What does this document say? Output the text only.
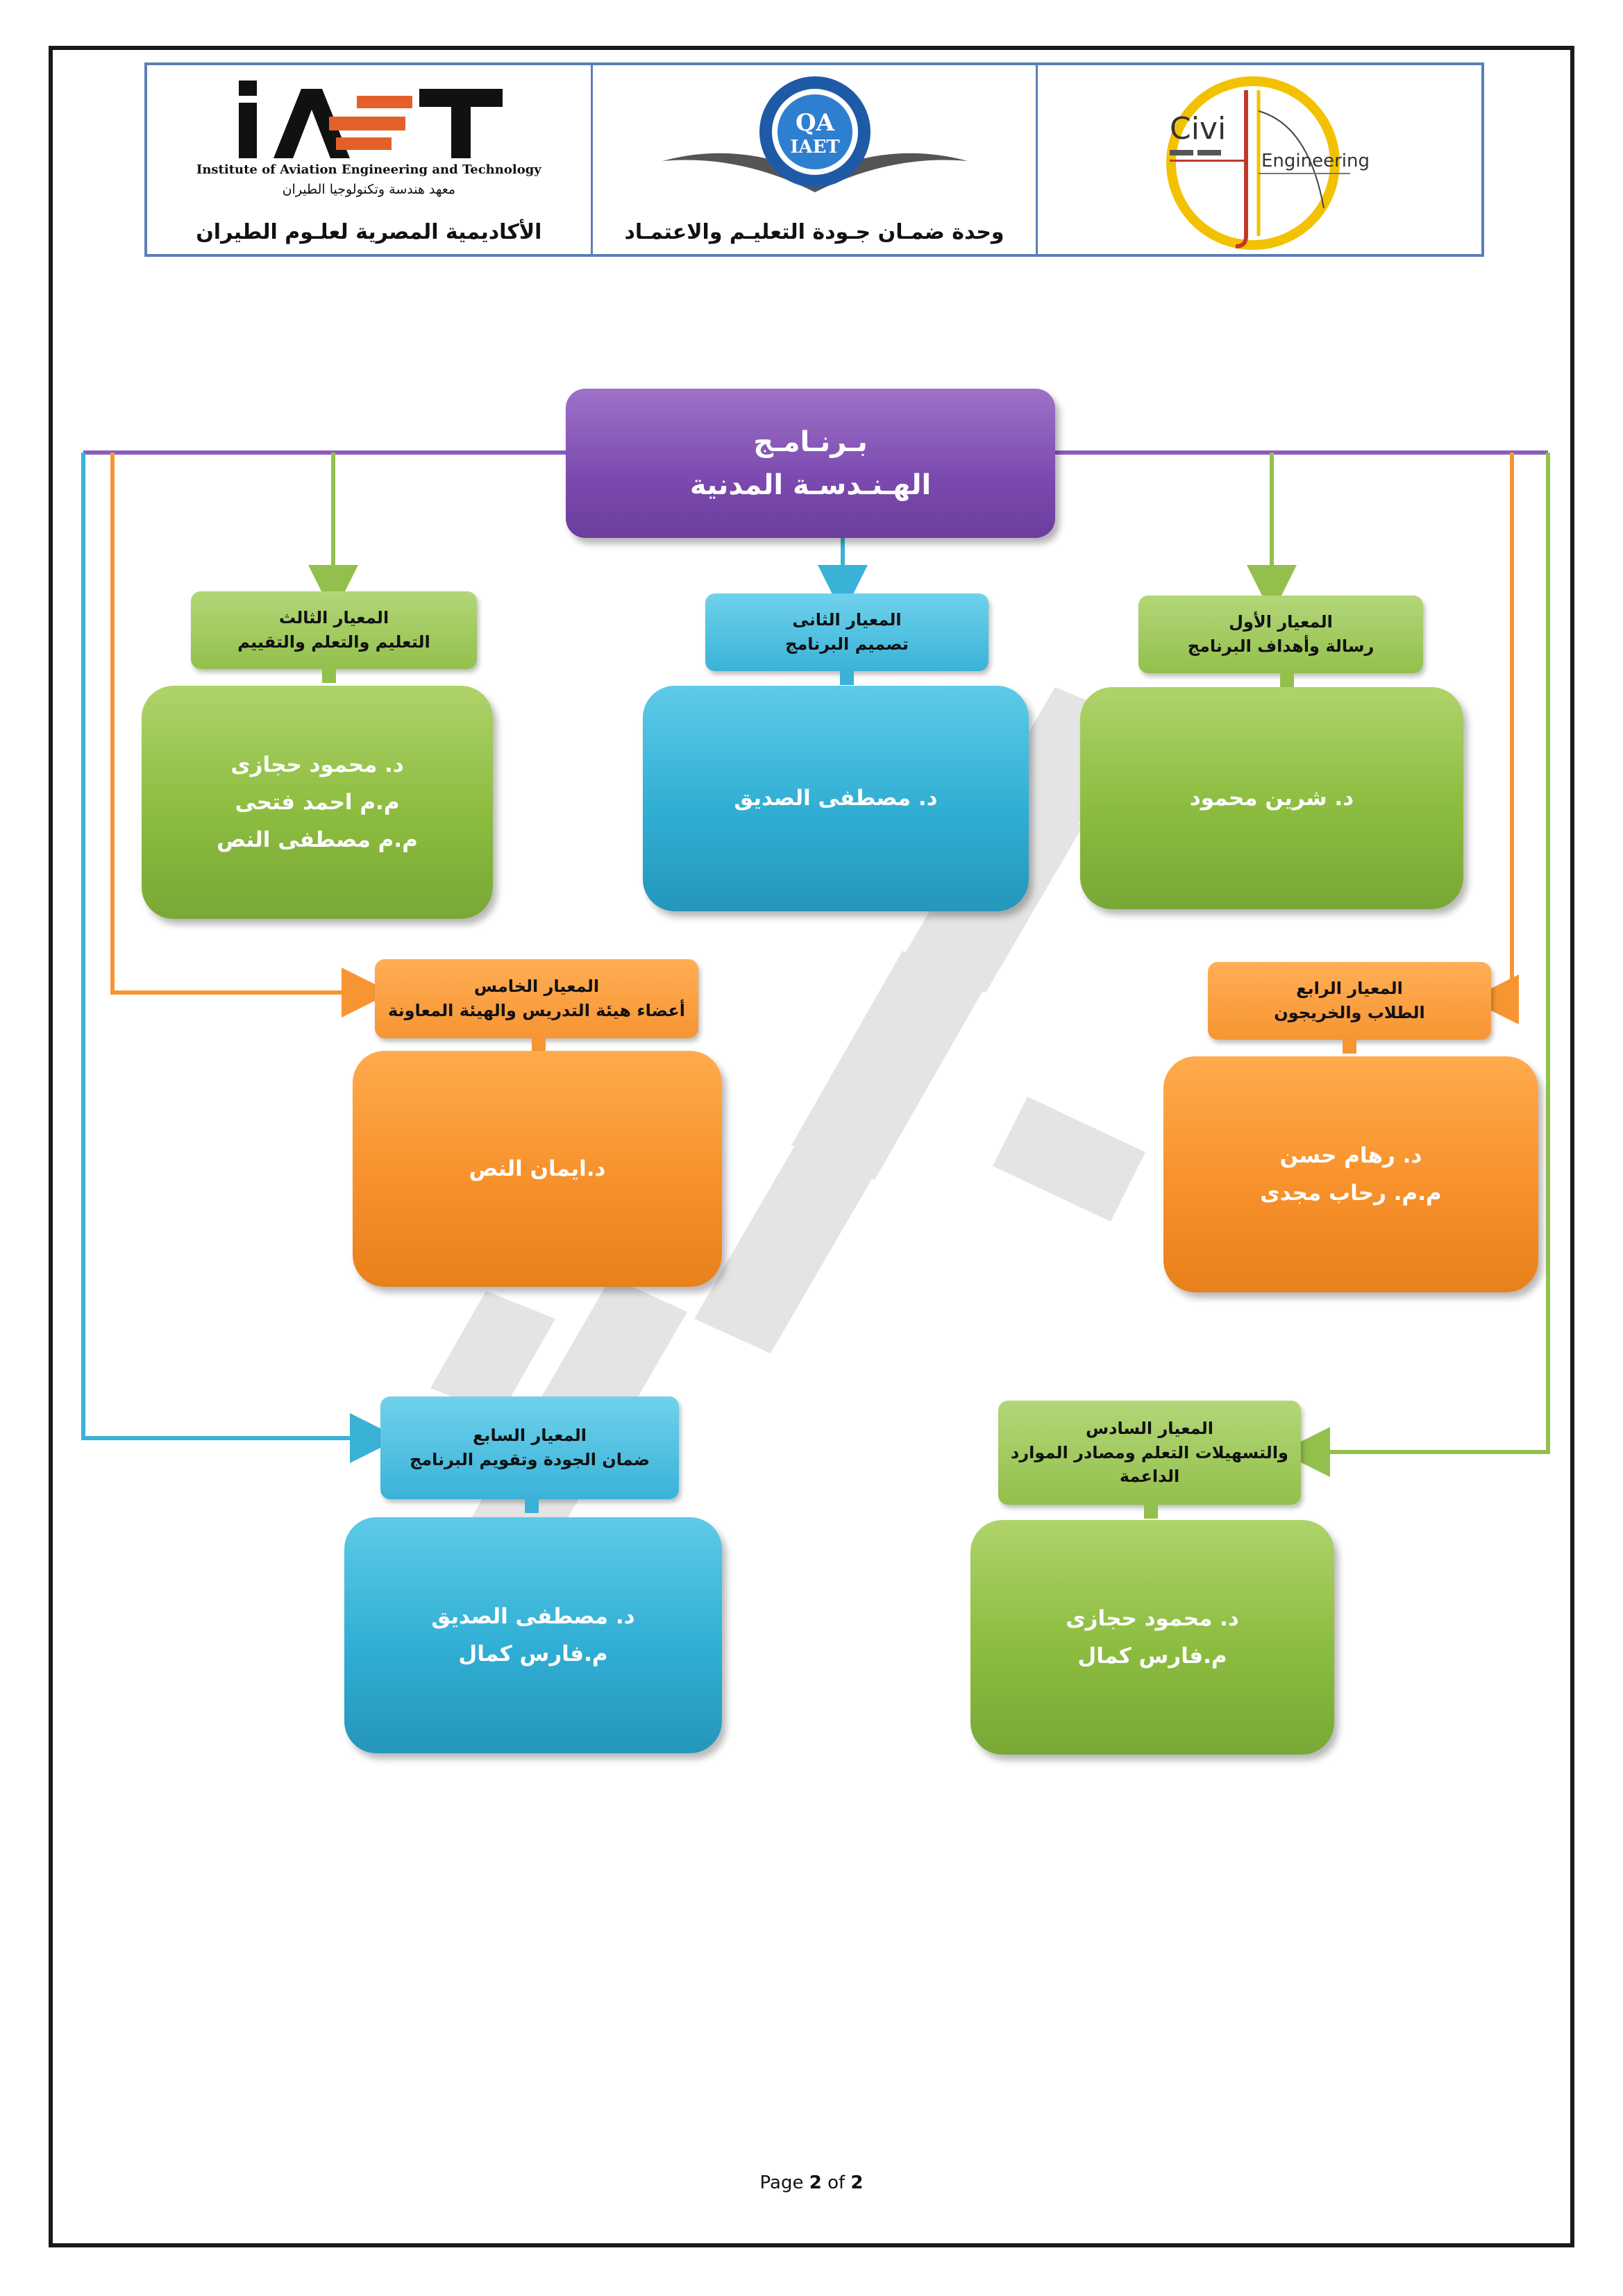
Institute of Aviation Engineering and Technology
معهد هندسة وتكنولوجيا الطيران
الأكاديمية المصرية لعلـوم الطيران
QA
IAET
وحدة ضمـان جـودة التعليـم والاعتمـاد
Civi
Engineering
بـرنـامـج
الهـنـدسـة المدنية
المعيار الأول
رسالة وأهداف البرنامج
د. شرين محمود
المعيار الثانى
تصميم البرنامج
د. مصطفى الصديق
المعيار الثالث
التعليم والتعلم والتقييم
د. محمود حجازى
م.م احمد فتحى
م.م مصطفى النص
المعيار الرابع
الطلاب والخريجون
د. رهام حسن
م.م. رحاب مجدى
المعيار الخامس
أعضاء هيئة التدريس والهيئة المعاونة
د.ايمان النص
المعيار السادس
والتسهيلات التعلم ومصادر الموارد الداعمة
د. محمود حجازى
م.فارس كمال
المعيار السابع
ضمان الجودة وتقويم البرنامج
د. مصطفى الصديق
م.فارس كمال
Page 2 of 2
